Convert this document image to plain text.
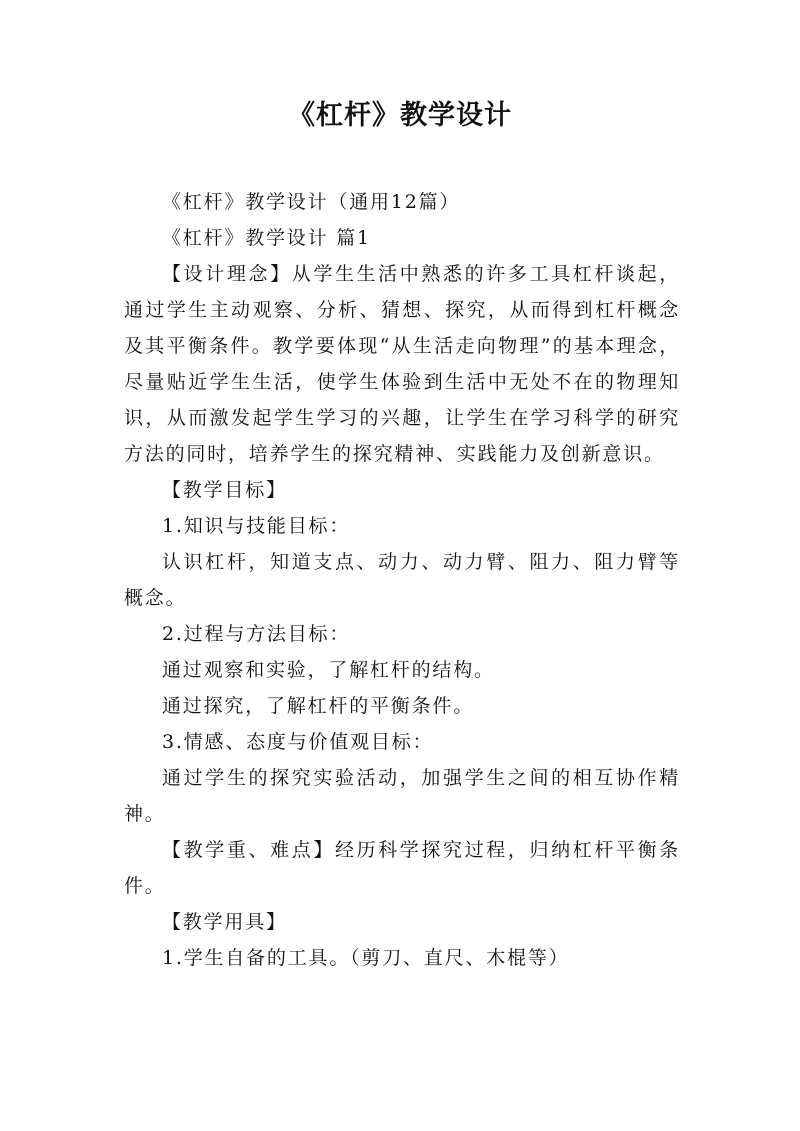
《杠杆》教学设计

《杠杆》教学设计（通用12篇）

《杠杆》教学设计 篇1

【设计理念】从学生生活中熟悉的许多工具杠杆谈起，通过学生主动观察、分析、猜想、探究，从而得到杠杆概念及其平衡条件。教学要体现“从生活走向物理”的基本理念，尽量贴近学生生活，使学生体验到生活中无处不在的物理知识，从而激发起学生学习的兴趣，让学生在学习科学的研究方法的同时，培养学生的探究精神、实践能力及创新意识。

【教学目标】

1.知识与技能目标：

认识杠杆，知道支点、动力、动力臂、阻力、阻力臂等概念。

2.过程与方法目标：

通过观察和实验，了解杠杆的结构。

通过探究，了解杠杆的平衡条件。

3.情感、态度与价值观目标：

通过学生的探究实验活动，加强学生之间的相互协作精神。

【教学重、难点】经历科学探究过程，归纳杠杆平衡条件。

【教学用具】

1.学生自备的工具。（剪刀、直尺、木棍等）
